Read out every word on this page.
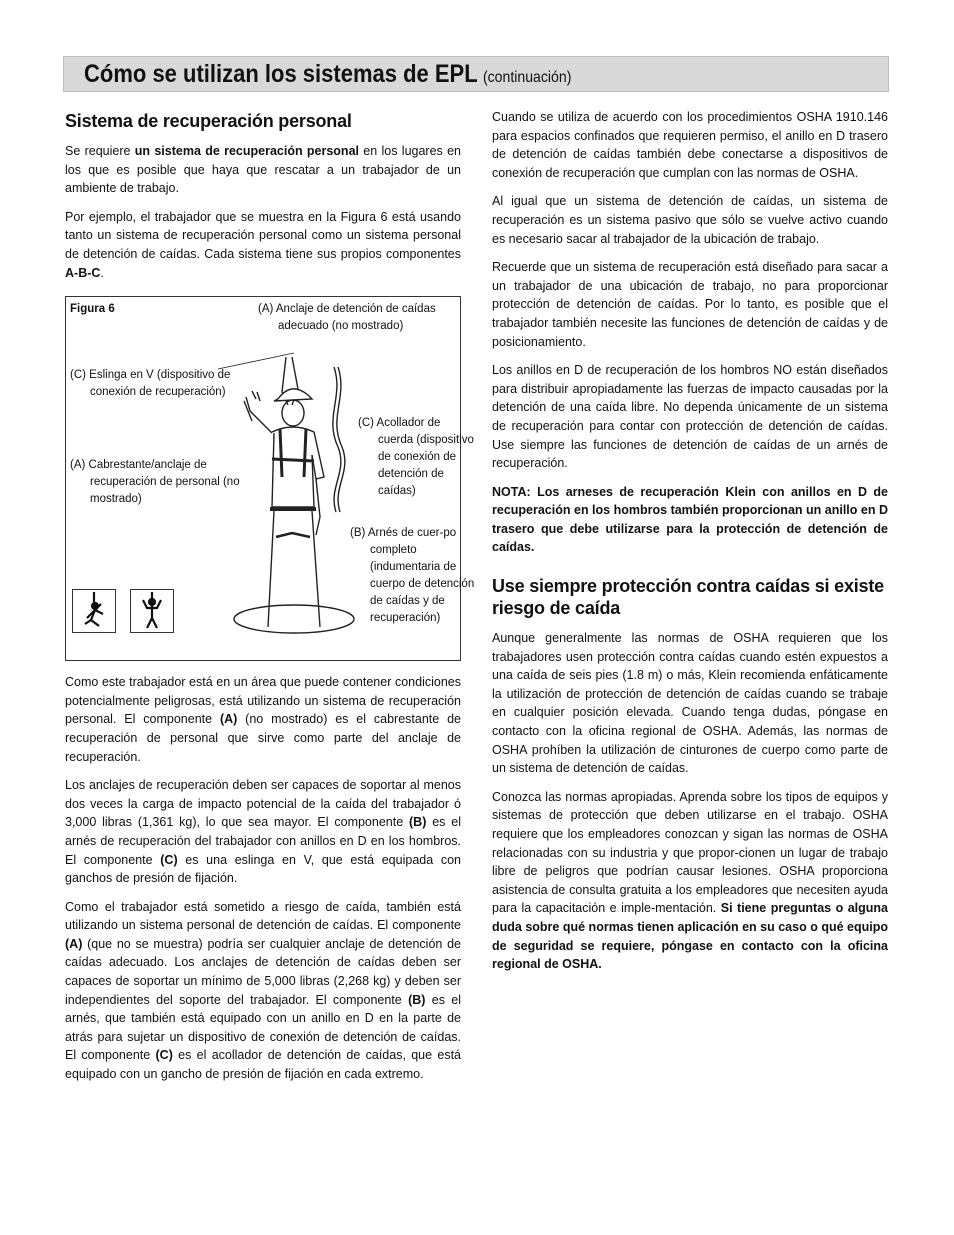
Cómo se utilizan los sistemas de EPL (continuación)
Sistema de recuperación personal

Se requiere un sistema de recuperación personal en los lugares en los que es posible que haya que rescatar a un trabajador de un ambiente de trabajo.

Por ejemplo, el trabajador que se muestra en la Figura 6 está usando tanto un sistema de recuperación personal como un sistema personal de detención de caídas. Cada sistema tiene sus propios componentes A-B-C.

Figura 6	(A) Anclaje de detención de caídas adecuado (no mostrado)
(C) Eslinga en V (dispositivo de conexión de recuperación)
(A) Cabrestante/anclaje de recuperación de personal (no mostrado)
(C) Acollador de cuerda (dispositivo de conexión de detención de caídas)
(B) Arnés de cuer-po completo (indumentaria de cuerpo de detención de caídas y de recuperación)

Como este trabajador está en un área que puede contener condiciones potencialmente peligrosas, está utilizando un sistema de recuperación personal. El componente (A) (no mostrado) es el cabrestante de recuperación de personal que sirve como parte del anclaje de recuperación.

Los anclajes de recuperación deben ser capaces de soportar al menos dos veces la carga de impacto potencial de la caída del trabajador ó 3,000 libras (1,361 kg), lo que sea mayor. El componente (B) es el arnés de recuperación del trabajador con anillos en D en los hombros. El componente (C) es una eslinga en V, que está equipada con ganchos de presión de fijación.

Como el trabajador está sometido a riesgo de caída, también está utilizando un sistema personal de detención de caídas. El componente (A) (que no se muestra) podría ser cualquier anclaje de detención de caídas adecuado. Los anclajes de detención de caídas deben ser capaces de soportar un mínimo de 5,000 libras (2,268 kg) y deben ser independientes del soporte del trabajador. El componente (B) es el arnés, que también está equipado con un anillo en D en la parte de atrás para sujetar un dispositivo de conexión de detención de caídas. El componente (C) es el acollador de detención de caídas, que está equipado con un gancho de presión de fijación en cada extremo.

Cuando se utiliza de acuerdo con los procedimientos OSHA 1910.146 para espacios confinados que requieren permiso, el anillo en D trasero de detención de caídas también debe conectarse a dispositivos de conexión de recuperación que cumplan con las normas de OSHA.

Al igual que un sistema de detención de caídas, un sistema de recuperación es un sistema pasivo que sólo se vuelve activo cuando es necesario sacar al trabajador de la ubicación de trabajo.

Recuerde que un sistema de recuperación está diseñado para sacar a un trabajador de una ubicación de trabajo, no para proporcionar protección de detención de caídas. Por lo tanto, es posible que el trabajador también necesite las funciones de detención de caídas y de posicionamiento.

Los anillos en D de recuperación de los hombros NO están diseñados para distribuir apropiadamente las fuerzas de impacto causadas por la detención de una caída libre. No dependa únicamente de un sistema de recuperación para contar con protección de detención de caídas. Use siempre las funciones de detención de caídas de un arnés de recuperación.

NOTA: Los arneses de recuperación Klein con anillos en D de recuperación en los hombros también proporcionan un anillo en D trasero que debe utilizarse para la protección de detención de caídas.

Use siempre protección contra caídas si existe riesgo de caída

Aunque generalmente las normas de OSHA requieren que los trabajadores usen protección contra caídas cuando estén expuestos a una caída de seis pies (1.8 m) o más, Klein recomienda enfáticamente la utilización de protección de detención de caídas cuando se trabaje en cualquier posición elevada. Cuando tenga dudas, póngase en contacto con la oficina regional de OSHA. Además, las normas de OSHA prohíben la utilización de cinturones de cuerpo como parte de un sistema de detención de caídas.

Conozca las normas apropiadas. Aprenda sobre los tipos de equipos y sistemas de protección que deben utilizarse en el trabajo. OSHA requiere que los empleadores conozcan y sigan las normas de OSHA relacionadas con su industria y que propor-cionen un lugar de trabajo libre de peligros que podrían causar lesiones. OSHA proporciona asistencia de consulta gratuita a los empleadores que necesiten ayuda para la capacitación e imple-mentación. Si tiene preguntas o alguna duda sobre qué normas tienen aplicación en su caso o qué equipo de seguridad se requiere, póngase en contacto con la oficina regional de OSHA.
